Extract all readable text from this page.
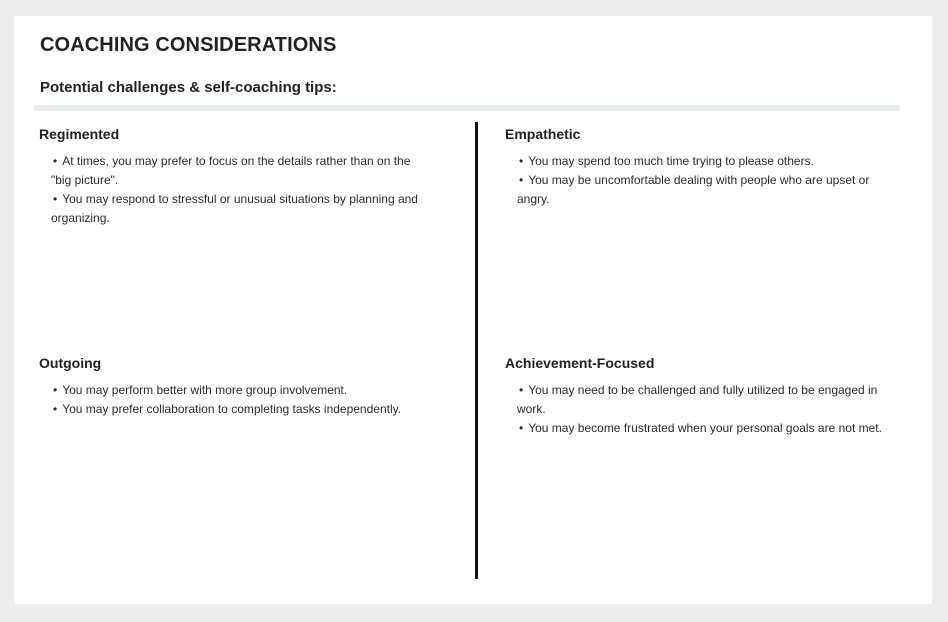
COACHING CONSIDERATIONS
Potential challenges & self-coaching tips:
Regimented
• At times, you may prefer to focus on the details rather than on the "big picture".
• You may respond to stressful or unusual situations by planning and organizing.
Empathetic
• You may spend too much time trying to please others.
• You may be uncomfortable dealing with people who are upset or angry.
Outgoing
• You may perform better with more group involvement.
• You may prefer collaboration to completing tasks independently.
Achievement-Focused
• You may need to be challenged and fully utilized to be engaged in work.
• You may become frustrated when your personal goals are not met.
